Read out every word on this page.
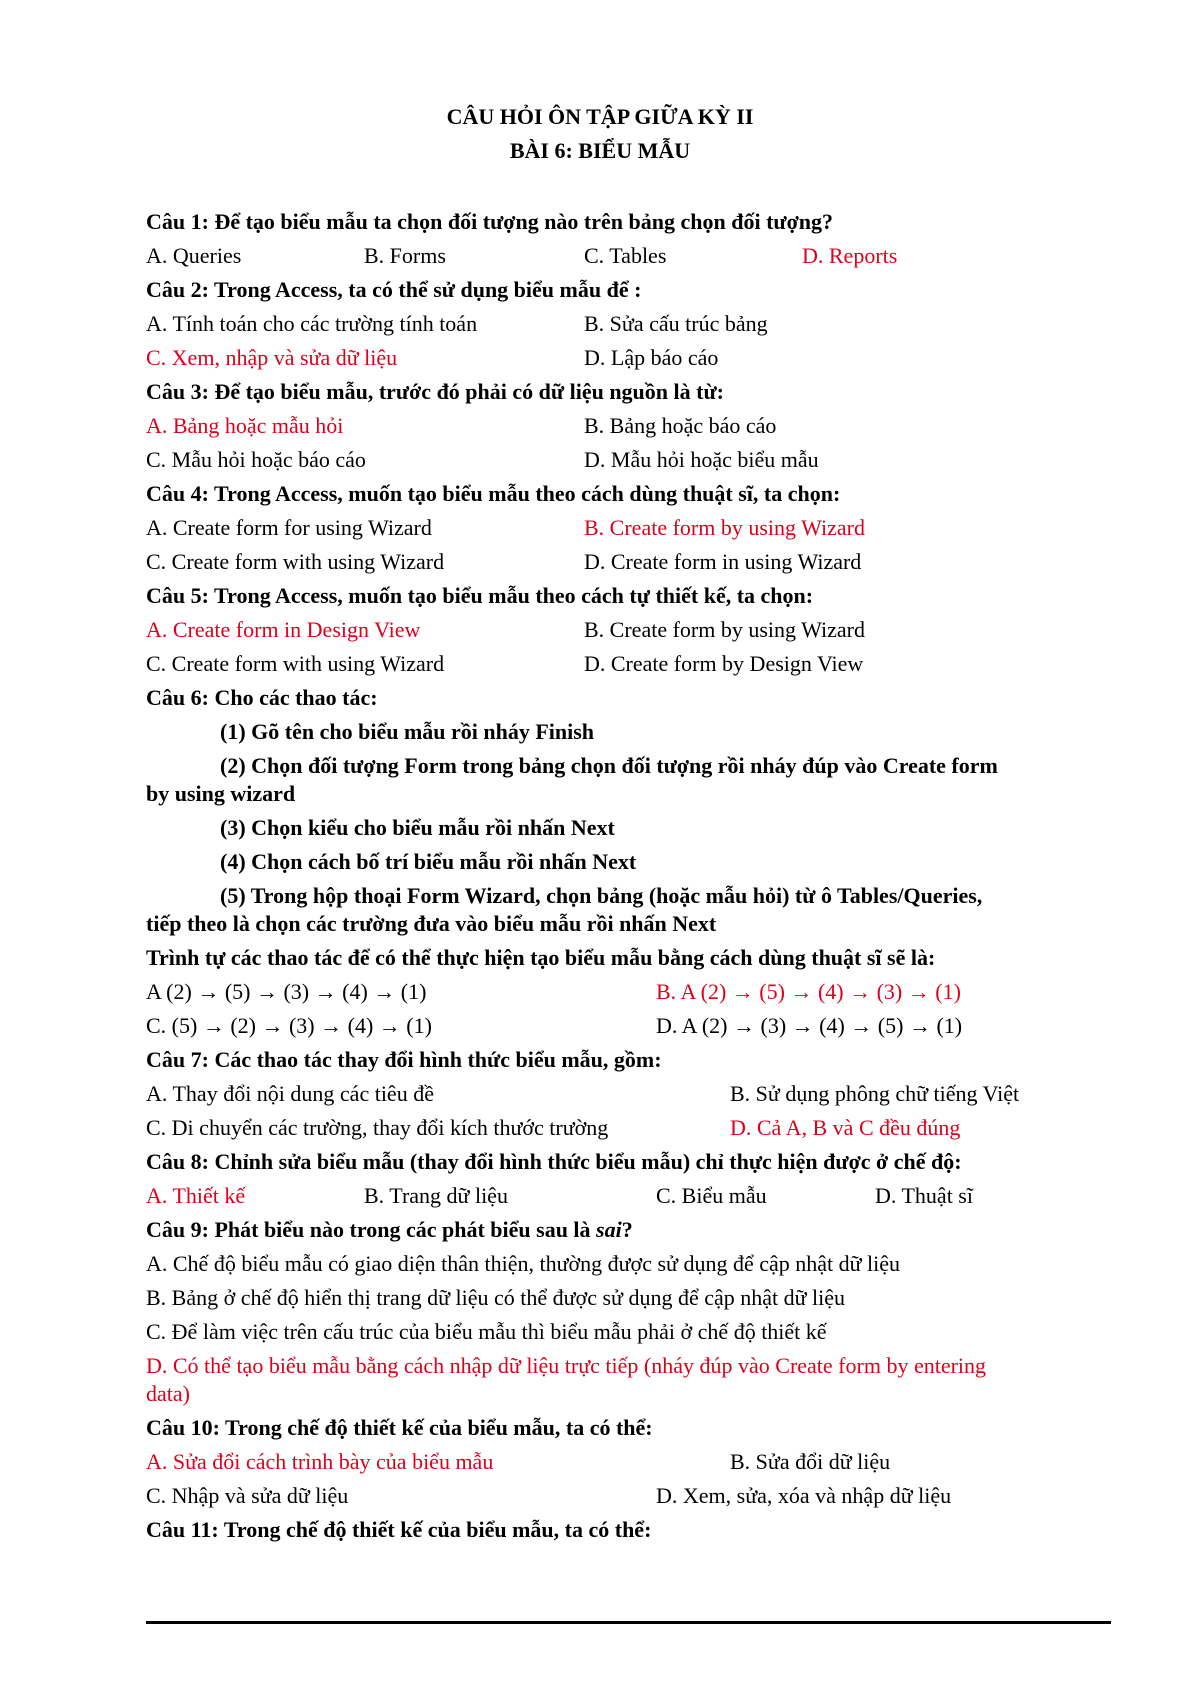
CÂU HỎI ÔN TẬP GIỮA KỲ II
BÀI 6: BIỂU MẪU
Câu 1: Để tạo biểu mẫu ta chọn đối tượng nào trên bảng chọn đối tượng?
A. Queries	B. Forms	C. Tables	D. Reports
Câu 2: Trong Access, ta có thể sử dụng biểu mẫu để :
A. Tính toán cho các trường tính toán	B. Sửa cấu trúc bảng
C. Xem, nhập và sửa dữ liệu	D. Lập báo cáo
Câu 3: Để tạo biểu mẫu, trước đó phải có dữ liệu nguồn là từ:
A. Bảng hoặc mẫu hỏi	B. Bảng hoặc báo cáo
C. Mẫu hỏi hoặc báo cáo	D. Mẫu hỏi hoặc biểu mẫu
Câu 4: Trong Access, muốn tạo biểu mẫu theo cách dùng thuật sĩ, ta chọn:
A. Create form for using Wizard	B. Create form by using Wizard
C. Create form with using Wizard	D. Create form in using Wizard
Câu 5: Trong Access, muốn tạo biểu mẫu theo cách tự thiết kế, ta chọn:
A. Create form in Design View	B. Create form by using Wizard
C. Create form with using Wizard	D. Create form by Design View
Câu 6: Cho các thao tác:
(1) Gõ tên cho biểu mẫu rồi nháy Finish
(2) Chọn đối tượng Form trong bảng chọn đối tượng rồi nháy đúp vào Create form
by using wizard
(3) Chọn kiểu cho biểu mẫu rồi nhấn Next
(4) Chọn cách bố trí biểu mẫu rồi nhấn Next
(5) Trong hộp thoại Form Wizard, chọn bảng (hoặc mẫu hỏi) từ ô Tables/Queries,
tiếp theo là chọn các trường đưa vào biểu mẫu rồi nhấn Next
Trình tự các thao tác để có thể thực hiện tạo biểu mẫu bằng cách dùng thuật sĩ sẽ là:
A (2) → (5) → (3) → (4) → (1)	B. A (2) → (5) → (4) → (3) → (1)
C. (5) → (2) → (3) → (4) → (1)	D. A (2) → (3) → (4) → (5) → (1)
Câu 7: Các thao tác thay đổi hình thức biểu mẫu, gồm:
A. Thay đổi nội dung các tiêu đề	B. Sử dụng phông chữ tiếng Việt
C. Di chuyển các trường, thay đổi kích thước trường	D. Cả A, B và C đều đúng
Câu 8: Chỉnh sửa biểu mẫu (thay đổi hình thức biểu mẫu) chỉ thực hiện được ở chế độ:
A. Thiết kế	B. Trang dữ liệu	C. Biểu mẫu	D. Thuật sĩ
Câu 9: Phát biểu nào trong các phát biểu sau là sai?
A. Chế độ biểu mẫu có giao diện thân thiện, thường được sử dụng để cập nhật dữ liệu
B. Bảng ở chế độ hiển thị trang dữ liệu có thể được sử dụng để cập nhật dữ liệu
C. Để làm việc trên cấu trúc của biểu mẫu thì biểu mẫu phải ở chế độ thiết kế
D. Có thể tạo biểu mẫu bằng cách nhập dữ liệu trực tiếp (nháy đúp vào Create form by entering
data)
Câu 10: Trong chế độ thiết kế của biểu mẫu, ta có thể:
A. Sửa đổi cách trình bày của biểu mẫu	B. Sửa đổi dữ liệu
C. Nhập và sửa dữ liệu	D. Xem, sửa, xóa và nhập dữ liệu
Câu 11: Trong chế độ thiết kế của biểu mẫu, ta có thể:
